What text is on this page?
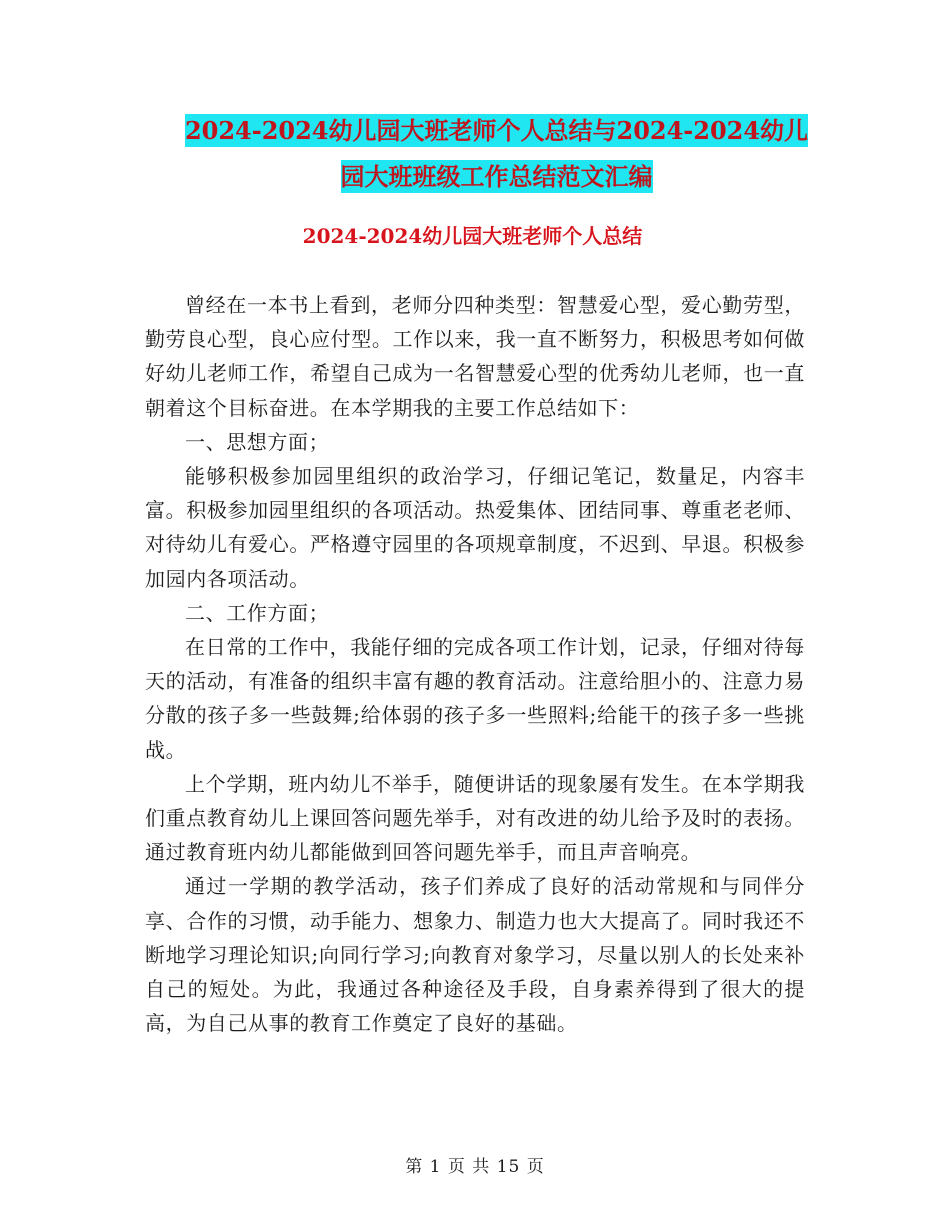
2024-2024幼儿园大班老师个人总结与2024-2024幼儿
园大班班级工作总结范文汇编
2024-2024幼儿园大班老师个人总结

曾经在一本书上看到，老师分四种类型：智慧爱心型，爱心勤劳型，勤劳良心型，良心应付型。工作以来，我一直不断努力，积极思考如何做好幼儿老师工作，希望自己成为一名智慧爱心型的优秀幼儿老师，也一直朝着这个目标奋进。在本学期我的主要工作总结如下：

一、思想方面；

能够积极参加园里组织的政治学习，仔细记笔记，数量足，内容丰富。积极参加园里组织的各项活动。热爱集体、团结同事、尊重老老师、对待幼儿有爱心。严格遵守园里的各项规章制度，不迟到、早退。积极参加园内各项活动。

二、工作方面；

在日常的工作中，我能仔细的完成各项工作计划，记录，仔细对待每天的活动，有准备的组织丰富有趣的教育活动。注意给胆小的、注意力易分散的孩子多一些鼓舞;给体弱的孩子多一些照料;给能干的孩子多一些挑战。

上个学期，班内幼儿不举手，随便讲话的现象屡有发生。在本学期我们重点教育幼儿上课回答问题先举手，对有改进的幼儿给予及时的表扬。通过教育班内幼儿都能做到回答问题先举手，而且声音响亮。

通过一学期的教学活动，孩子们养成了良好的活动常规和与同伴分享、合作的习惯，动手能力、想象力、制造力也大大提高了。同时我还不断地学习理论知识;向同行学习;向教育对象学习，尽量以别人的长处来补自己的短处。为此，我通过各种途径及手段，自身素养得到了很大的提高，为自己从事的教育工作奠定了良好的基础。

第 1 页 共 15 页
